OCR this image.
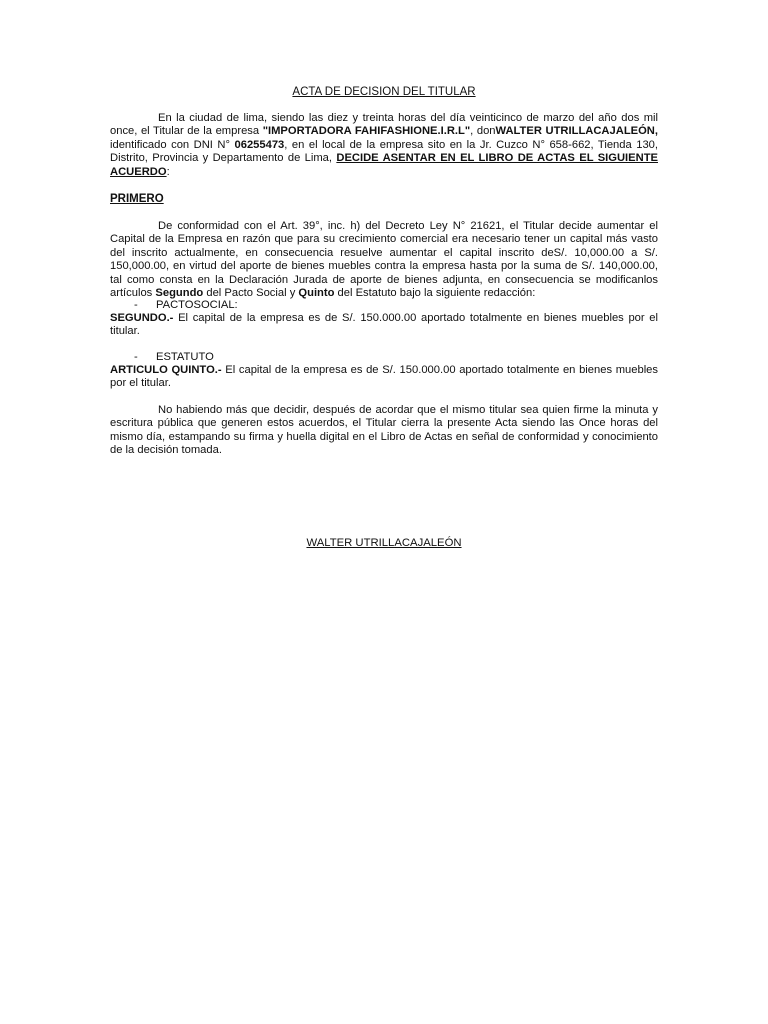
ACTA DE DECISION DEL TITULAR

En la ciudad de lima, siendo las diez y treinta horas del día veinticinco de marzo del año dos mil once, el Titular de la empresa "IMPORTADORA FAHIFASHIONE.I.R.L", donWALTER UTRILLACAJALEÓN, identificado con DNI N° 06255473, en el local de la empresa sito en la Jr. Cuzco N° 658-662, Tienda 130, Distrito, Provincia y Departamento de Lima, DECIDE ASENTAR EN EL LIBRO DE ACTAS EL SIGUIENTE ACUERDO:

PRIMERO

De conformidad con el Art. 39°, inc. h) del Decreto Ley N° 21621, el Titular decide aumentar el Capital de la Empresa en razón que para su crecimiento comercial era necesario tener un capital más vasto del inscrito actualmente, en consecuencia resuelve aumentar el capital inscrito deS/. 10,000.00 a S/. 150,000.00, en virtud del aporte de bienes muebles contra la empresa hasta por la suma de S/. 140,000.00, tal como consta en la Declaración Jurada de aporte de bienes adjunta, en consecuencia se modificanlos artículos Segundo del Pacto Social y Quinto del Estatuto bajo la siguiente redacción:

- PACTOSOCIAL:

SEGUNDO.- El capital de la empresa es de S/. 150.000.00 aportado totalmente en bienes muebles por el titular.

- ESTATUTO

ARTICULO QUINTO.- El capital de la empresa es de S/. 150.000.00 aportado totalmente en bienes muebles por el titular.

No habiendo más que decidir, después de acordar que el mismo titular sea quien firme la minuta y escritura pública que generen estos acuerdos, el Titular cierra la presente Acta siendo las Once horas del mismo día, estampando su firma y huella digital en el Libro de Actas en señal de conformidad y conocimiento de la decisión tomada.

WALTER UTRILLACAJALEÓN
